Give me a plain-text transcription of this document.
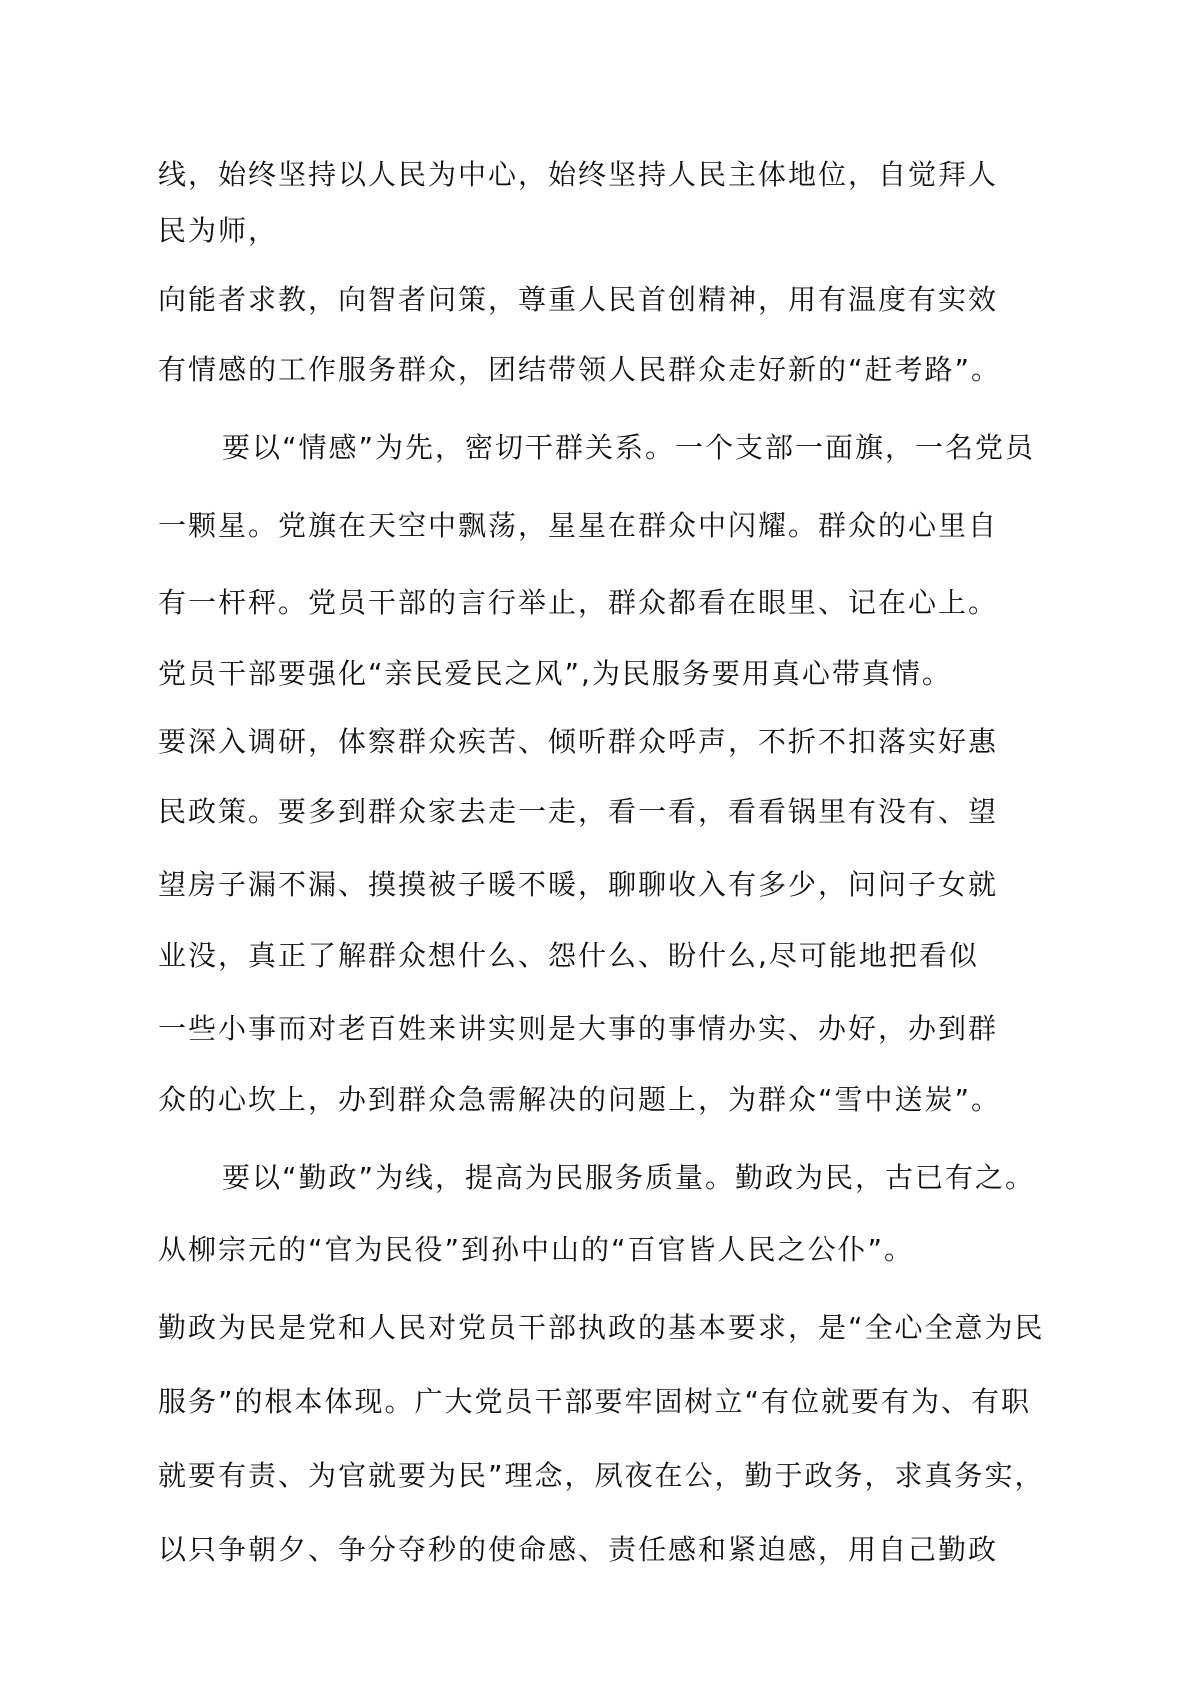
线，始终坚持以人民为中心，始终坚持人民主体地位，自觉拜人
民为师，
向能者求教，向智者问策，尊重人民首创精神，用有温度有实效
有情感的工作服务群众，团结带领人民群众走好新的“赶考路”。
要以“情感”为先，密切干群关系。一个支部一面旗，一名党员
一颗星。党旗在天空中飘荡，星星在群众中闪耀。群众的心里自
有一杆秤。党员干部的言行举止，群众都看在眼里、记在心上。
党员干部要强化“亲民爱民之风”,为民服务要用真心带真情。
要深入调研，体察群众疾苦、倾听群众呼声，不折不扣落实好惠
民政策。要多到群众家去走一走，看一看，看看锅里有没有、望
望房子漏不漏、摸摸被子暖不暖，聊聊收入有多少，问问子女就
业没，真正了解群众想什么、怨什么、盼什么,尽可能地把看似
一些小事而对老百姓来讲实则是大事的事情办实、办好，办到群
众的心坎上，办到群众急需解决的问题上，为群众“雪中送炭”。
要以“勤政”为线，提高为民服务质量。勤政为民，古已有之。
从柳宗元的“官为民役”到孙中山的“百官皆人民之公仆”。
勤政为民是党和人民对党员干部执政的基本要求，是“全心全意为民
服务”的根本体现。广大党员干部要牢固树立“有位就要有为、有职
就要有责、为官就要为民”理念，夙夜在公，勤于政务，求真务实，
以只争朝夕、争分夺秒的使命感、责任感和紧迫感，用自己勤政
